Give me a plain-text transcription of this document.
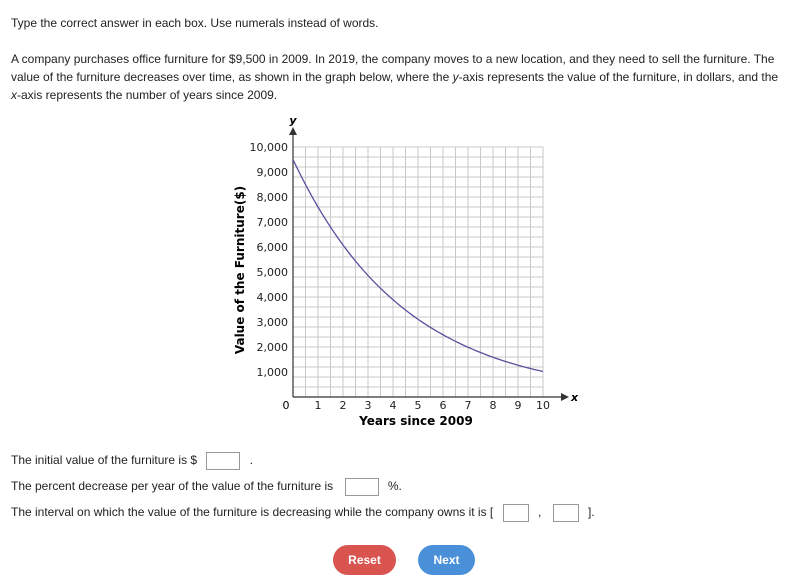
Type the correct answer in each box. Use numerals instead of words.

A company purchases office furniture for $9,500 in 2009. In 2019, the company moves to a new location, and they need to sell the furniture. The value of the furniture decreases over time, as shown in the graph below, where the y-axis represents the value of the furniture, in dollars, and the x-axis represents the number of years since 2009.

1 2 3 4 5 6 7 8 9 10
1,000
2,000
3,000
4,000
5,000
6,000
7,000
8,000
9,000
10,000
Years since 2009
Value of the Furniture($)
y
x
0
The initial value of the furniture is $	.
The percent decrease per year of the value of the furniture is	%.
The interval on which the value of the furniture is decreasing while the company owns it is [	,	].
Reset	Next
